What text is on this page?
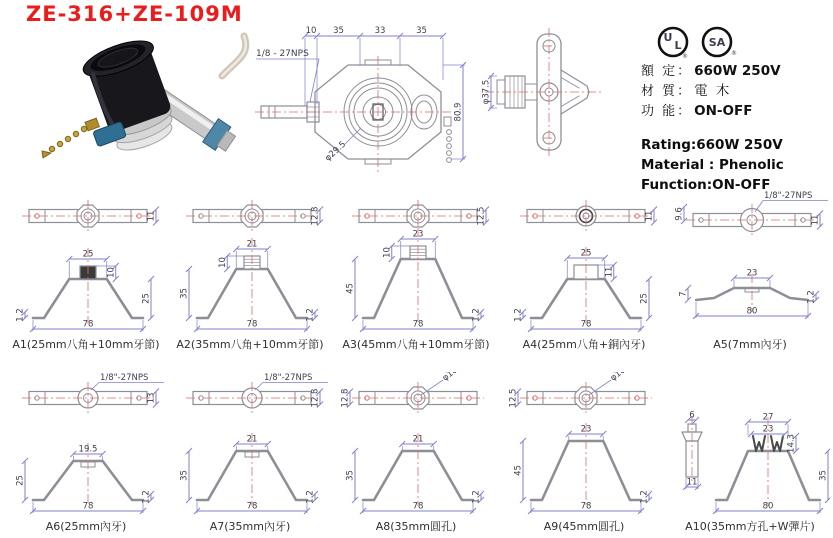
ZE-316+ZE-109M
10 35	33	35
80.9
1/8 - 27NPS
φ29.5
φ37.5
U
L
®
SA
®
額 定： 660W 250V
材 質： 電 木
功 能： ON-OFF
Rating:660W 250V
Material : Phenolic
Function:ON-OFF
11
25
10
25
1.2
78
A1(25mm八角+10mm牙節)
12.8
21
10
35
1.2
78
A2(35mm八角+10mm牙節)
12.5
23
10
45
1.2
78
A3(45mm八角+10mm牙節)
11
25
11
25
1.2
78
A4(25mm八角+銅內牙)
11
9.6
1/8"-27NPS
23
7
80
1.2
A5(7mm內牙)
13
1/8"-27NPS
19.5
25
1.2
78
A6(25mm內牙)
12.8
1/8"-27NPS
21
35
1.2
78
A7(35mm內牙)
12.8
φ10
21
35
1.2
78
A8(35mm圓孔)
12.5
φ10
23
45
1.2
78
A9(45mm圓孔)
6
11
27
23
14.3
35
80
A10(35mm方孔+W彈片)
